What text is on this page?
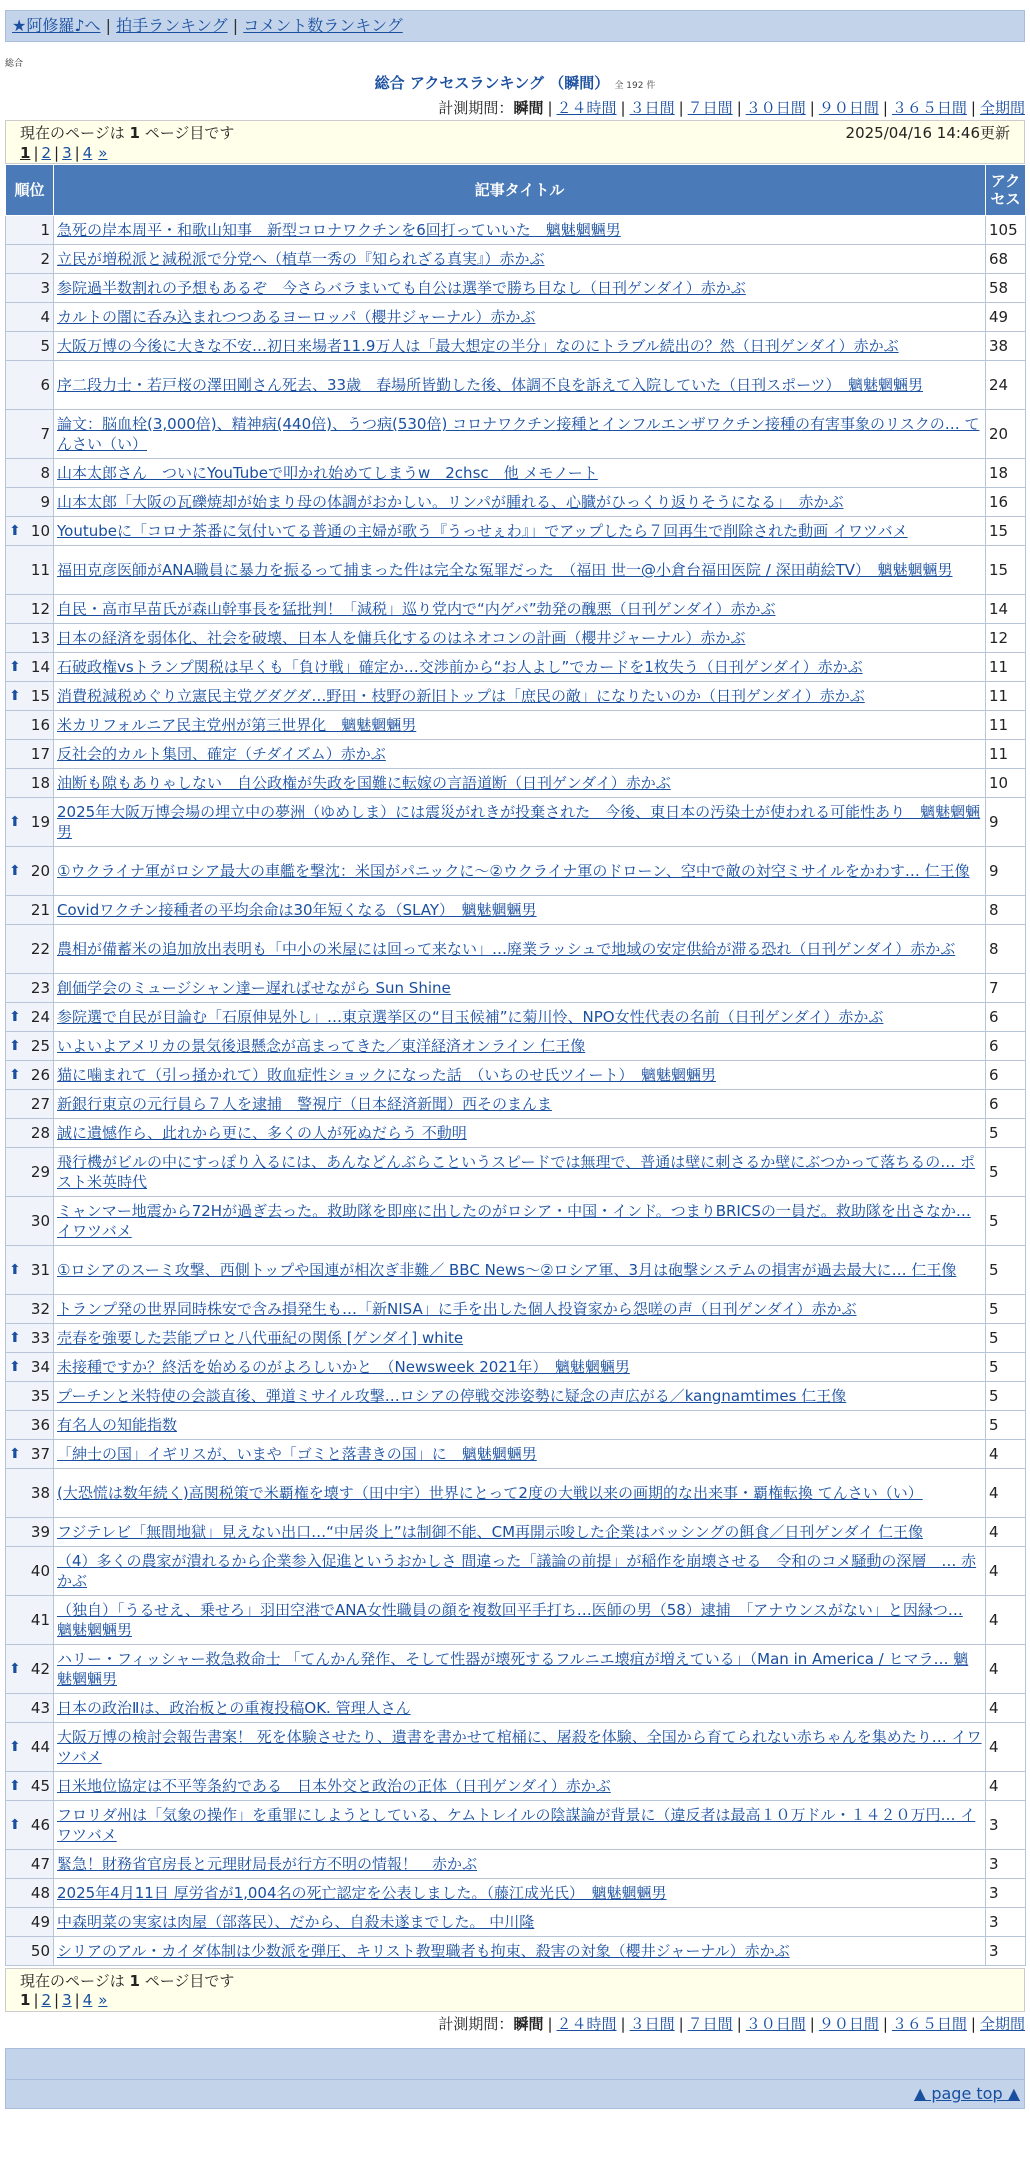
★阿修羅♪へ | 拍手ランキング | コメント数ランキング
総合
総合 アクセスランキング （瞬間） 全 192 件
計測期間：瞬間 | ２４時間 | ３日間 | ７日間 | ３０日間 | ９０日間 | ３６５日間 | 全期間
現在のページは 1 ページ目です	2025/04/16 14:46更新
1 | 2 | 3 | 4 »
順位	記事タイトル	アクセス
1	急死の岸本周平・和歌山知事　新型コロナワクチンを6回打っていいた　魑魅魍魎男	105
2	立民が増税派と減税派で分党へ（植草一秀の『知られざる真実』）赤かぶ	68
3	参院過半数割れの予想もあるぞ　今さらバラまいても自公は選挙で勝ち目なし（日刊ゲンダイ）赤かぶ	58
4	カルトの闇に呑み込まれつつあるヨーロッパ（櫻井ジャーナル）赤かぶ	49
5	大阪万博の今後に大きな不安…初日来場者11.9万人は「最大想定の半分」なのにトラブル続出の？然（日刊ゲンダイ）赤かぶ	38
6	序二段力士・若戸桜の澤田剛さん死去、33歳　春場所皆勤した後、体調不良を訴えて入院していた（日刊スポーツ）　魑魅魍魎男	24
7	論文：脳血栓(3,000倍)、精神病(440倍)、うつ病(530倍) コロナワクチン接種とインフルエンザワクチン接種の有害事象のリスクの… てんさい（い）	20
8	山本太郎さん　ついにYouTubeで叩かれ始めてしまうw　2chsc　他 メモノート	18
9	山本太郎「大阪の瓦礫焼却が始まり母の体調がおかしい。リンパが腫れる、心臓がひっくり返りそうになる」　赤かぶ	16

⬆ 10	Youtubeに「コロナ茶番に気付いてる普通の主婦が歌う『うっせぇわ』」でアップしたら７回再生で削除された動画 イワツバメ	15
11	福田克彦医師がANA職員に暴力を振るって捕まった件は完全な冤罪だった　（福田 世一@小倉台福田医院 / 深田萌絵TV）　魑魅魍魎男	15
12	自民・高市早苗氏が森山幹事長を猛批判！「減税」巡り党内で“内ゲバ”勃発の醜悪（日刊ゲンダイ）赤かぶ	14
13	日本の経済を弱体化、社会を破壊、日本人を傭兵化するのはネオコンの計画（櫻井ジャーナル）赤かぶ	12

⬆ 14	石破政権vsトランプ関税は早くも「負け戦」確定か…交渉前から“お人よし”でカードを1枚失う（日刊ゲンダイ）赤かぶ	11

⬆ 15	消費税減税めぐり立憲民主党グダグダ…野田・枝野の新旧トップは「庶民の敵」になりたいのか（日刊ゲンダイ）赤かぶ	11
16	米カリフォルニア民主党州が第三世界化　魑魅魍魎男	11
17	反社会的カルト集団、確定（チダイズム）赤かぶ	11
18	油断も隙もありゃしない　自公政権が失政を国難に転嫁の言語道断（日刊ゲンダイ）赤かぶ	10

⬆ 19	2025年大阪万博会場の埋立中の夢洲（ゆめしま）には震災がれきが投棄された　今後、東日本の汚染土が使われる可能性あり　魑魅魍魎男	9

⬆ 20	①ウクライナ軍がロシア最大の車艦を撃沈：米国がパニックに〜②ウクライナ軍のドローン、空中で敵の対空ミサイルをかわす… 仁王像	9
21	Covidワクチン接種者の平均余命は30年短くなる（SLAY）　魑魅魍魎男	8
22	農相が備蓄米の追加放出表明も「中小の米屋には回って来ない」…廃業ラッシュで地域の安定供給が滞る恐れ（日刊ゲンダイ）赤かぶ	8
23	創価学会のミュージシャン達ー遅ればせながら Sun Shine	7

⬆ 24	参院選で自民が目論む「石原伸晃外し」…東京選挙区の“目玉候補”に菊川怜、NPO女性代表の名前（日刊ゲンダイ）赤かぶ	6

⬆ 25	いよいよアメリカの景気後退懸念が高まってきた／東洋経済オンライン 仁王像	6

⬆ 26	猫に噛まれて（引っ掻かれて）敗血症性ショックになった話　（いちのせ氏ツイート）　魑魅魍魎男	6
27	新銀行東京の元行員ら７人を逮捕　警視庁（日本経済新聞）西そのまんま	6
28	誠に遺憾作ら、此れから更に、多くの人が死ぬだらう 不動明	5
29	飛行機がビルの中にすっぽり入るには、あんなどんぶらこというスピードでは無理で、普通は壁に刺さるか壁にぶつかって落ちるの… ポスト米英時代	5
30	ミャンマー地震から72Hが過ぎ去った。救助隊を即座に出したのがロシア・中国・インド。つまりBRICSの一員だ。救助隊を出さなか… イワツバメ	5

⬆ 31	①ロシアのスーミ攻撃、西側トップや国連が相次ぎ非難／ BBC News〜②ロシア軍、3月は砲撃システムの損害が過去最大に… 仁王像	5
32	トランプ発の世界同時株安で含み損発生も…「新NISA」に手を出した個人投資家から怨嗟の声（日刊ゲンダイ）赤かぶ	5

⬆ 33	売春を強要した芸能プロと八代亜紀の関係 [ゲンダイ] white	5

⬆ 34	未接種ですか？終活を始めるのがよろしいかと　（Newsweek 2021年）　魑魅魍魎男	5
35	プーチンと米特使の会談直後、弾道ミサイル攻撃…ロシアの停戦交渉姿勢に疑念の声広がる／kangnamtimes 仁王像	5
36	有名人の知能指数	5

⬆ 37	「紳士の国」イギリスが、いまや「ゴミと落書きの国」に　魑魅魍魎男	4
38	(大恐慌は数年続く)高関税策で米覇権を壊す（田中宇）世界にとって2度の大戦以来の画期的な出来事・覇権転換 てんさい（い）	4
39	フジテレビ「無間地獄」見えない出口…“中居炎上”は制御不能、CM再開示唆した企業はバッシングの餌食／日刊ゲンダイ 仁王像	4
40	（4）多くの農家が潰れるから企業参入促進というおかしさ 間違った「議論の前提」が稲作を崩壊させる　令和のコメ騒動の深層　… 赤かぶ	4
41	（独自）「うるせえ、乗せろ」羽田空港でANA女性職員の顔を複数回平手打ち…医師の男（58）逮捕　「アナウンスがない」と因縁つ… 魑魅魍魎男	4

⬆ 42	ハリー・フィッシャー救急救命士 「てんかん発作、そして性器が壊死するフルニエ壊疽が増えている」（Man in America / ヒマラ… 魑魅魍魎男	4
43	日本の政治Ⅱは、政治板との重複投稿OK. 管理人さん	4

⬆ 44	大阪万博の検討会報告書案！ 死を体験させたり、遺書を書かせて棺桶に、屠殺を体験、全国から育てられない赤ちゃんを集めたり… イワツバメ	4

⬆ 45	日米地位協定は不平等条約である　日本外交と政治の正体（日刊ゲンダイ）赤かぶ	4

⬆ 46	フロリダ州は「気象の操作」を重罪にしようとしている、ケムトレイルの陰謀論が背景に（違反者は最高１０万ドル・１４２０万円… イワツバメ	3
47	緊急！財務省官房長と元理財局長が行方不明の情報！　赤かぶ	3
48	2025年4月11日 厚労省が1,004名の死亡認定を公表しました。（藤江成光氏）　魑魅魍魎男	3
49	中森明菜の実家は肉屋（部落民）、だから、自殺未遂までした。 中川隆	3
50	シリアのアル・カイダ体制は少数派を弾圧、キリスト教聖職者も拘束、殺害の対象（櫻井ジャーナル）赤かぶ	3
現在のページは 1 ページ目です
1 | 2 | 3 | 4 »
計測期間：瞬間 | ２４時間 | ３日間 | ７日間 | ３０日間 | ９０日間 | ３６５日間 | 全期間
▲ page top ▲
